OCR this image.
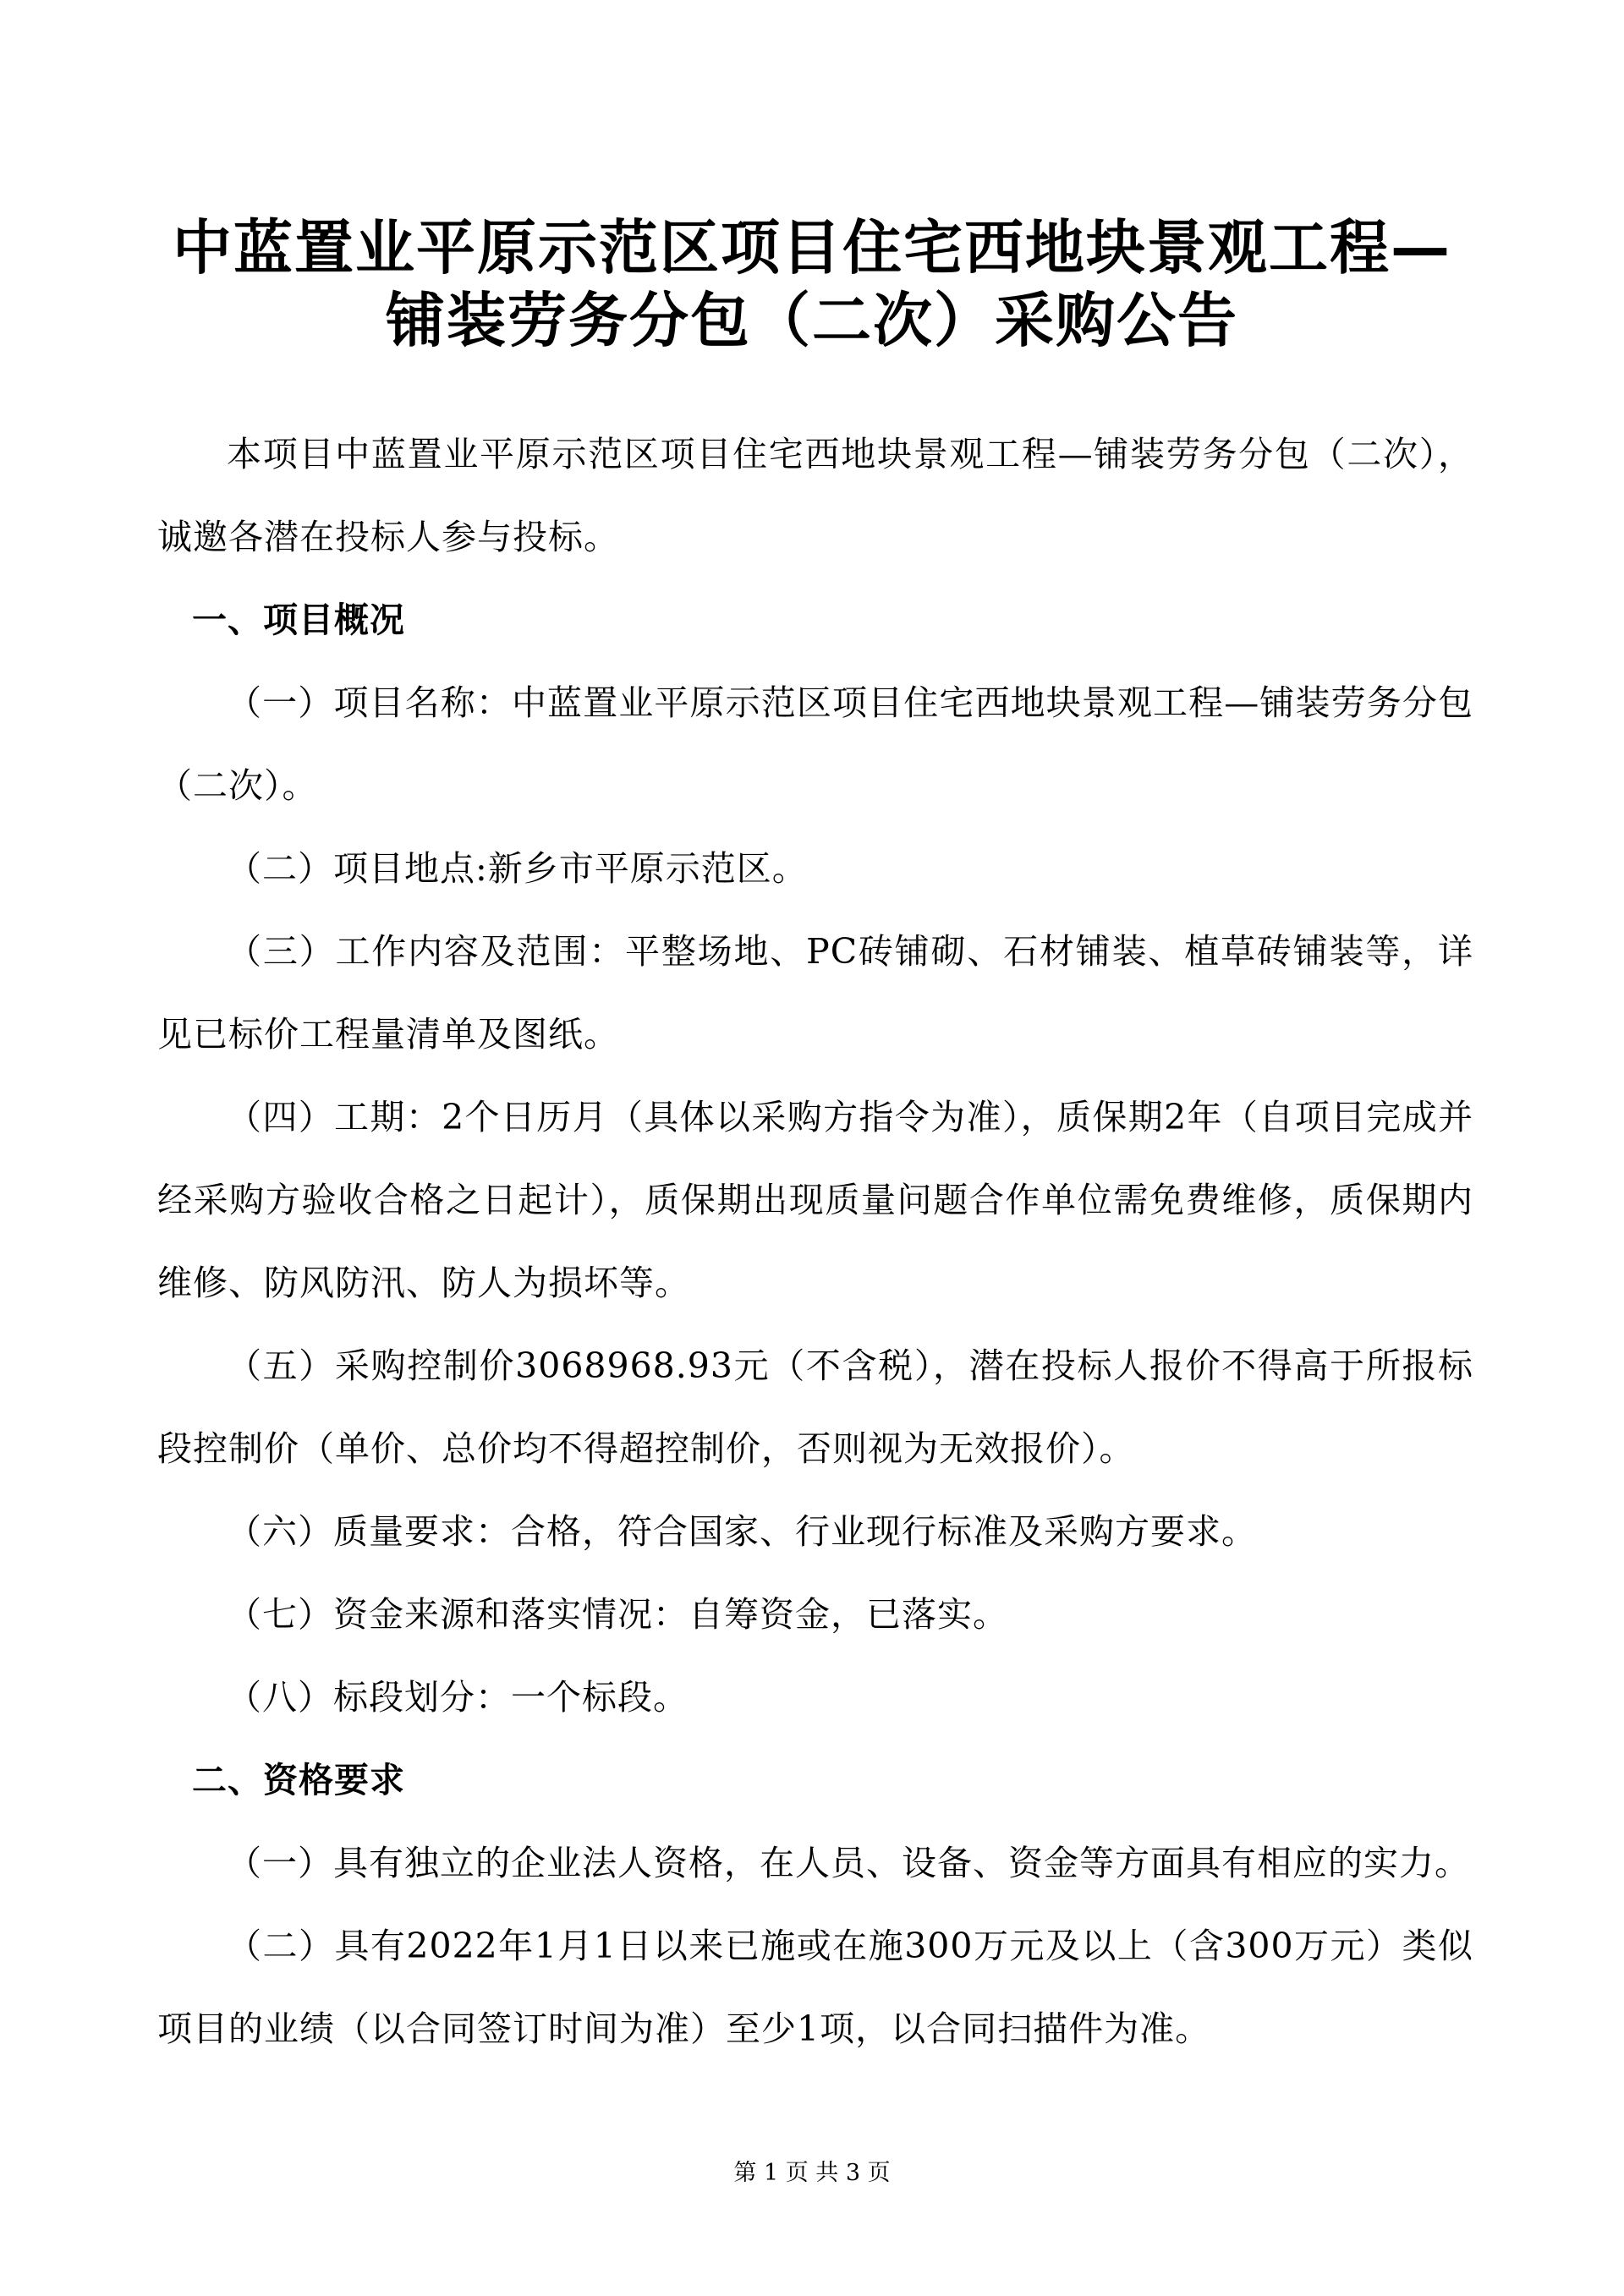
中蓝置业平原示范区项目住宅西地块景观工程—
铺装劳务分包（二次）采购公告

本项目中蓝置业平原示范区项目住宅西地块景观工程—铺装劳务分包（二次），诚邀各潜在投标人参与投标。

一、项目概况

（一）项目名称：中蓝置业平原示范区项目住宅西地块景观工程—铺装劳务分包（二次）。

（二）项目地点:新乡市平原示范区。

（三）工作内容及范围：平整场地、PC砖铺砌、石材铺装、植草砖铺装等，详见已标价工程量清单及图纸。

（四）工期：2个日历月（具体以采购方指令为准），质保期2年（自项目完成并经采购方验收合格之日起计），质保期出现质量问题合作单位需免费维修，质保期内维修、防风防汛、防人为损坏等。

（五）采购控制价3068968.93元（不含税），潜在投标人报价不得高于所报标段控制价（单价、总价均不得超控制价，否则视为无效报价）。

（六）质量要求：合格，符合国家、行业现行标准及采购方要求。

（七）资金来源和落实情况：自筹资金，已落实。

（八）标段划分：一个标段。

二、资格要求

（一）具有独立的企业法人资格，在人员、设备、资金等方面具有相应的实力。

（二）具有2022年1月1日以来已施或在施300万元及以上（含300万元）类似项目的业绩（以合同签订时间为准）至少1项，以合同扫描件为准。

第 1 页 共 3 页
